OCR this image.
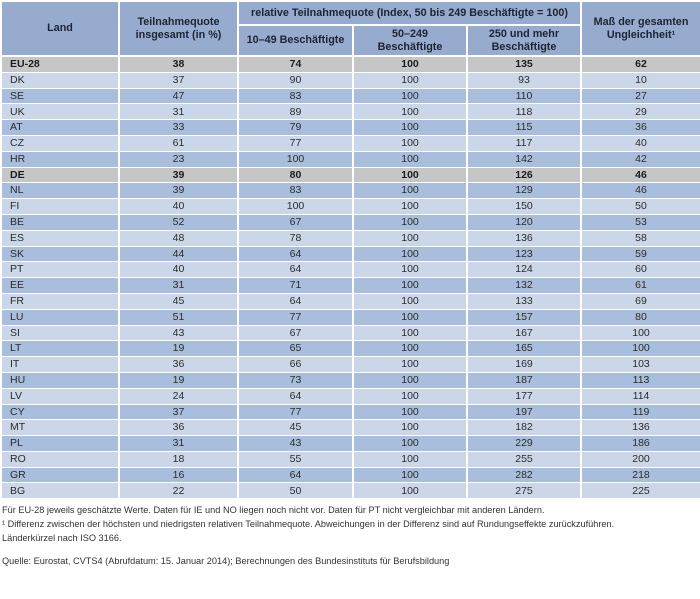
Land	Teilnahmequote insgesamt (in %)	relative Teilnahmequote (Index, 50 bis 249 Beschäftigte = 100)			Maß der gesamten Ungleichheit¹
		10–49 Beschäftigte	50–249 Beschäftigte	250 und mehr Beschäftigte	
EU-28	38	74	100	135	62
DK	37	90	100	93	10
SE	47	83	100	110	27
UK	31	89	100	118	29
AT	33	79	100	115	36
CZ	61	77	100	117	40
HR	23	100	100	142	42
DE	39	80	100	126	46
NL	39	83	100	129	46
FI	40	100	100	150	50
BE	52	67	100	120	53
ES	48	78	100	136	58
SK	44	64	100	123	59
PT	40	64	100	124	60
EE	31	71	100	132	61
FR	45	64	100	133	69
LU	51	77	100	157	80
SI	43	67	100	167	100
LT	19	65	100	165	100
IT	36	66	100	169	103
HU	19	73	100	187	113
LV	24	64	100	177	114
CY	37	77	100	197	119
MT	36	45	100	182	136
PL	31	43	100	229	186
RO	18	55	100	255	200
GR	16	64	100	282	218
BG	22	50	100	275	225

Für EU-28 jeweils geschätzte Werte. Daten für IE und NO liegen noch nicht vor. Daten für PT nicht vergleichbar mit anderen Ländern.

¹ Differenz zwischen der höchsten und niedrigsten relativen Teilnahmequote. Abweichungen in der Differenz sind auf Rundungseffekte zurückzuführen.

Länderkürzel nach ISO 3166.

Quelle: Eurostat, CVTS4 (Abrufdatum: 15. Januar 2014); Berechnungen des Bundesinstituts für Berufsbildung
